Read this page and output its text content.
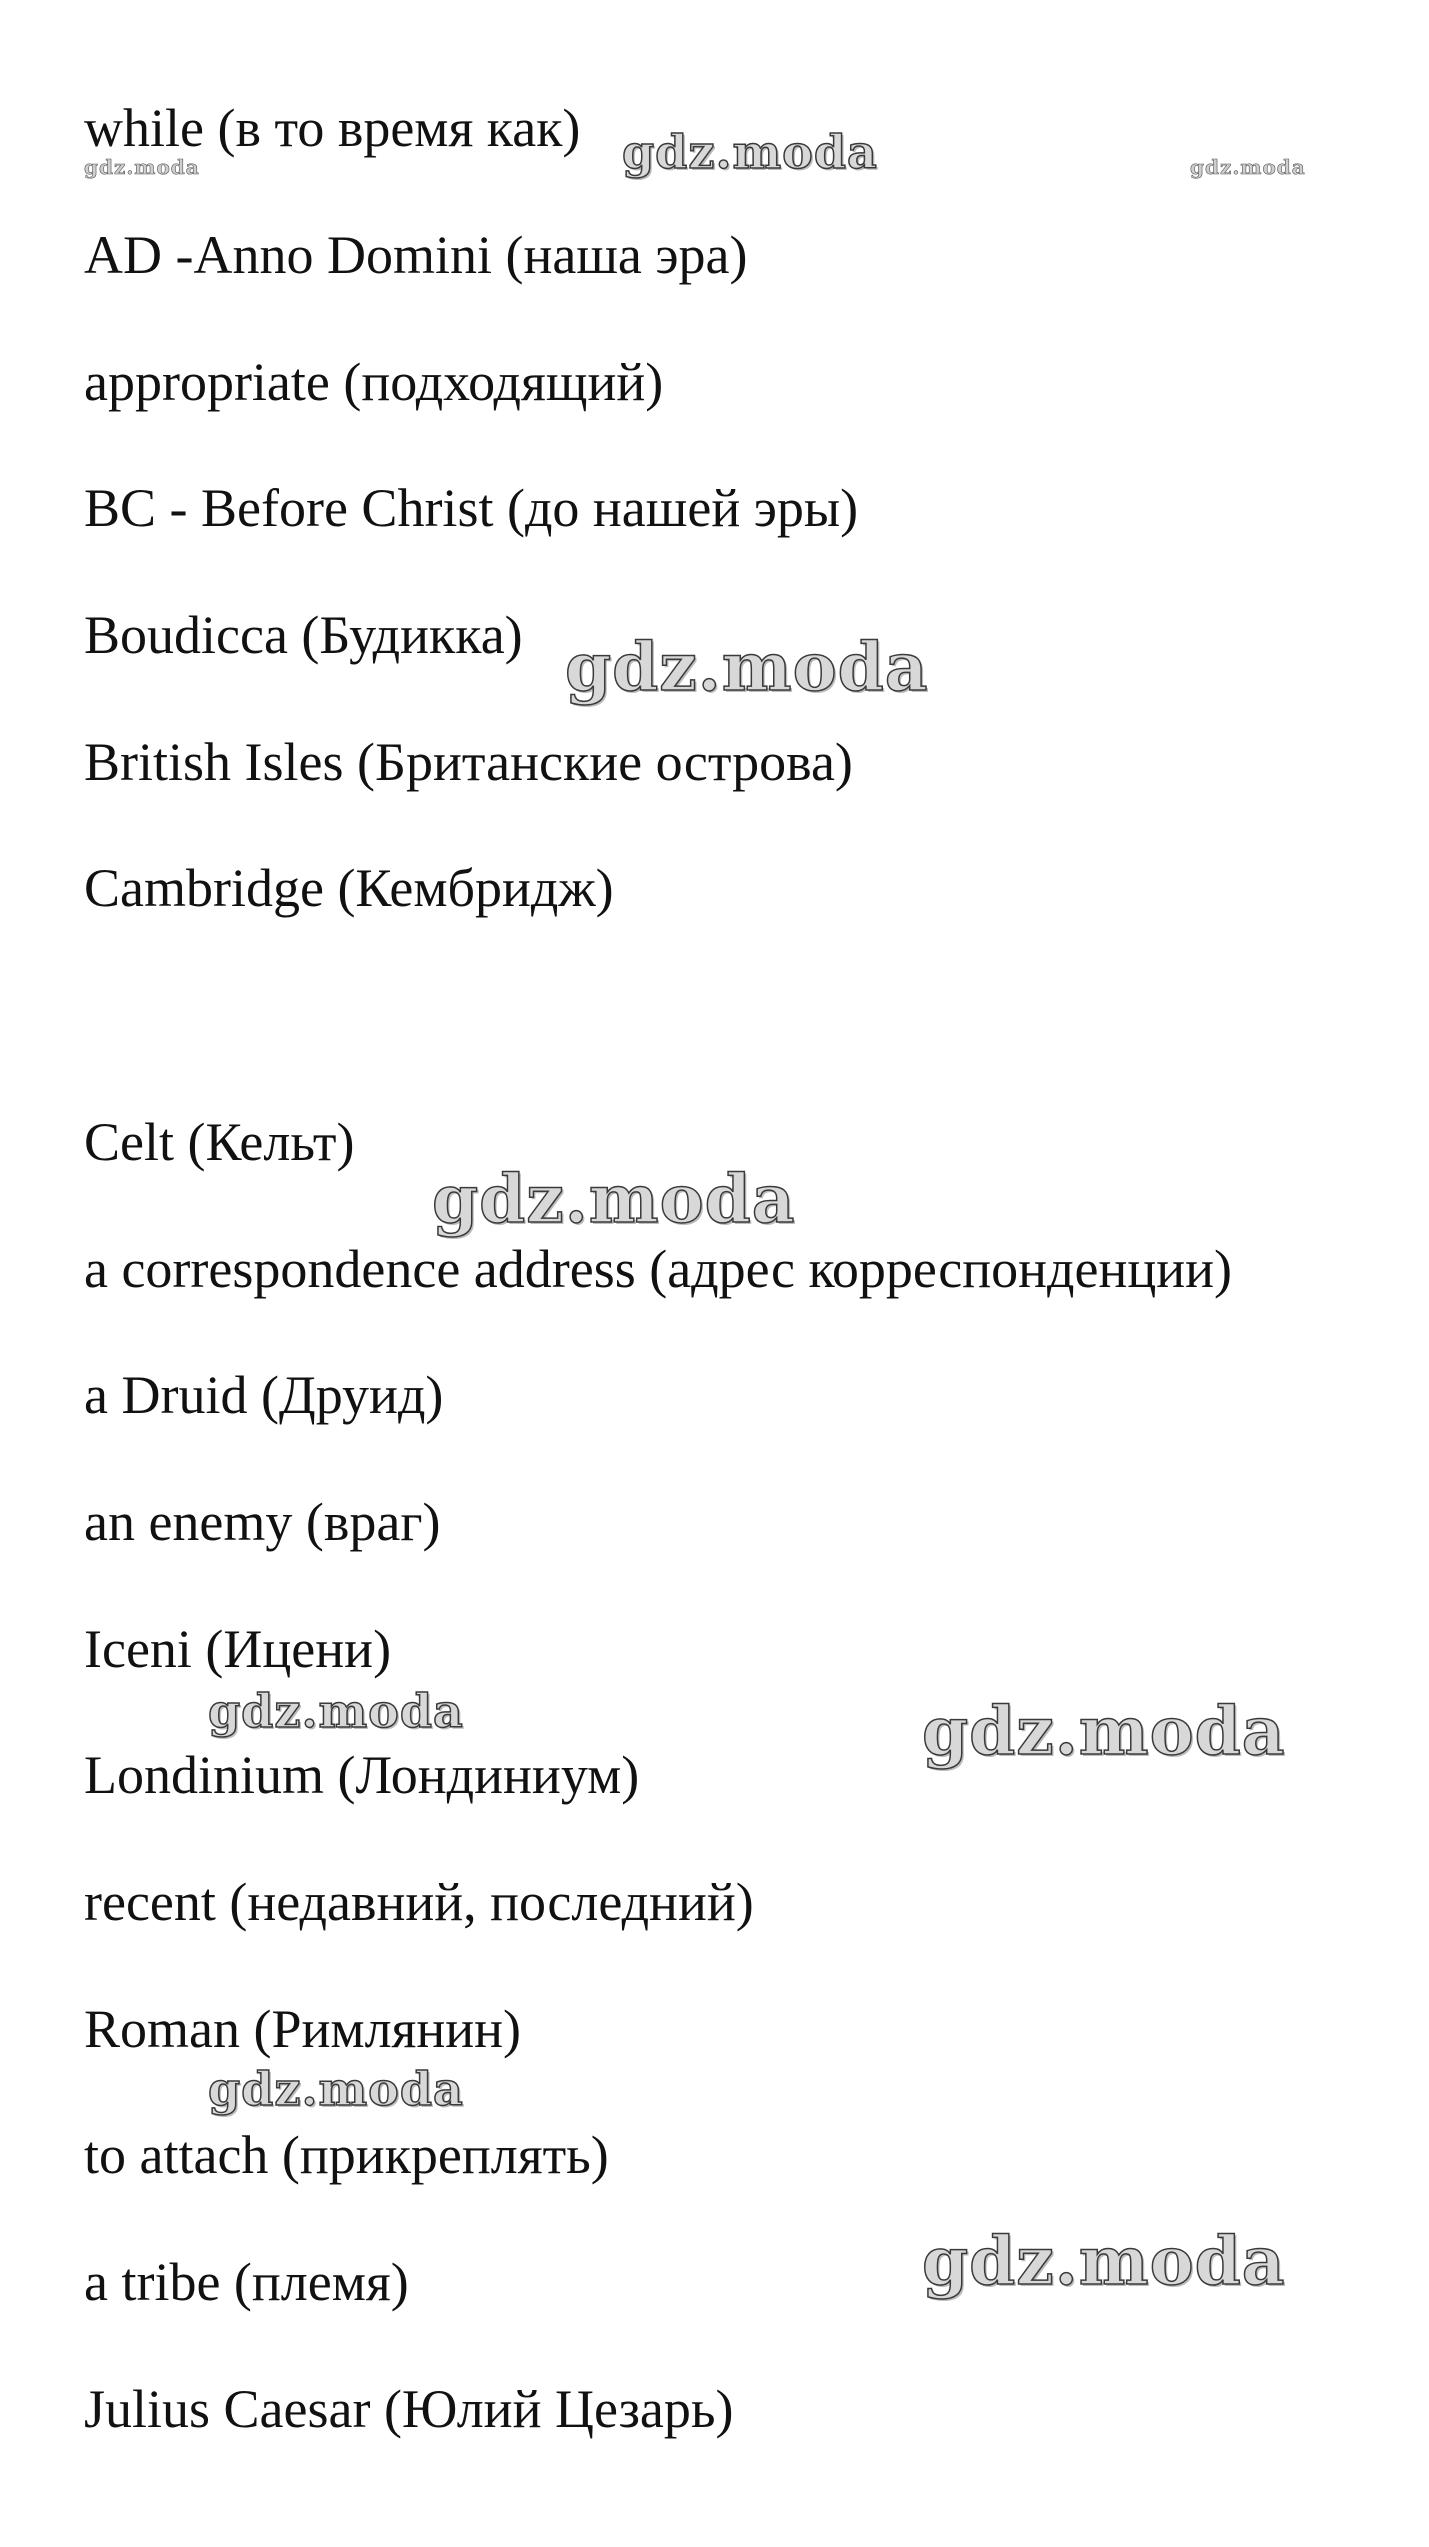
while (в то время как)
AD -Anno Domini (наша эра)
appropriate (подходящий)
BC - Before Christ (до нашей эры)
Boudicca (Будикка)
British Isles (Британские острова)
Cambridge (Кембридж)
Celt (Кельт)
a correspondence address (адрес корреспонденции)
a Druid (Друид)
an enemy (враг)
Iceni (Ицени)
Londinium (Лондиниум)
recent (недавний, последний)
Roman (Римлянин)
to attach (прикреплять)
a tribe (племя)
Julius Caesar (Юлий Цезарь)
gdz.moda	gdz.moda	gdz.moda
gdz.moda
gdz.moda
gdz.moda	gdz.moda
gdz.moda
gdz.moda
